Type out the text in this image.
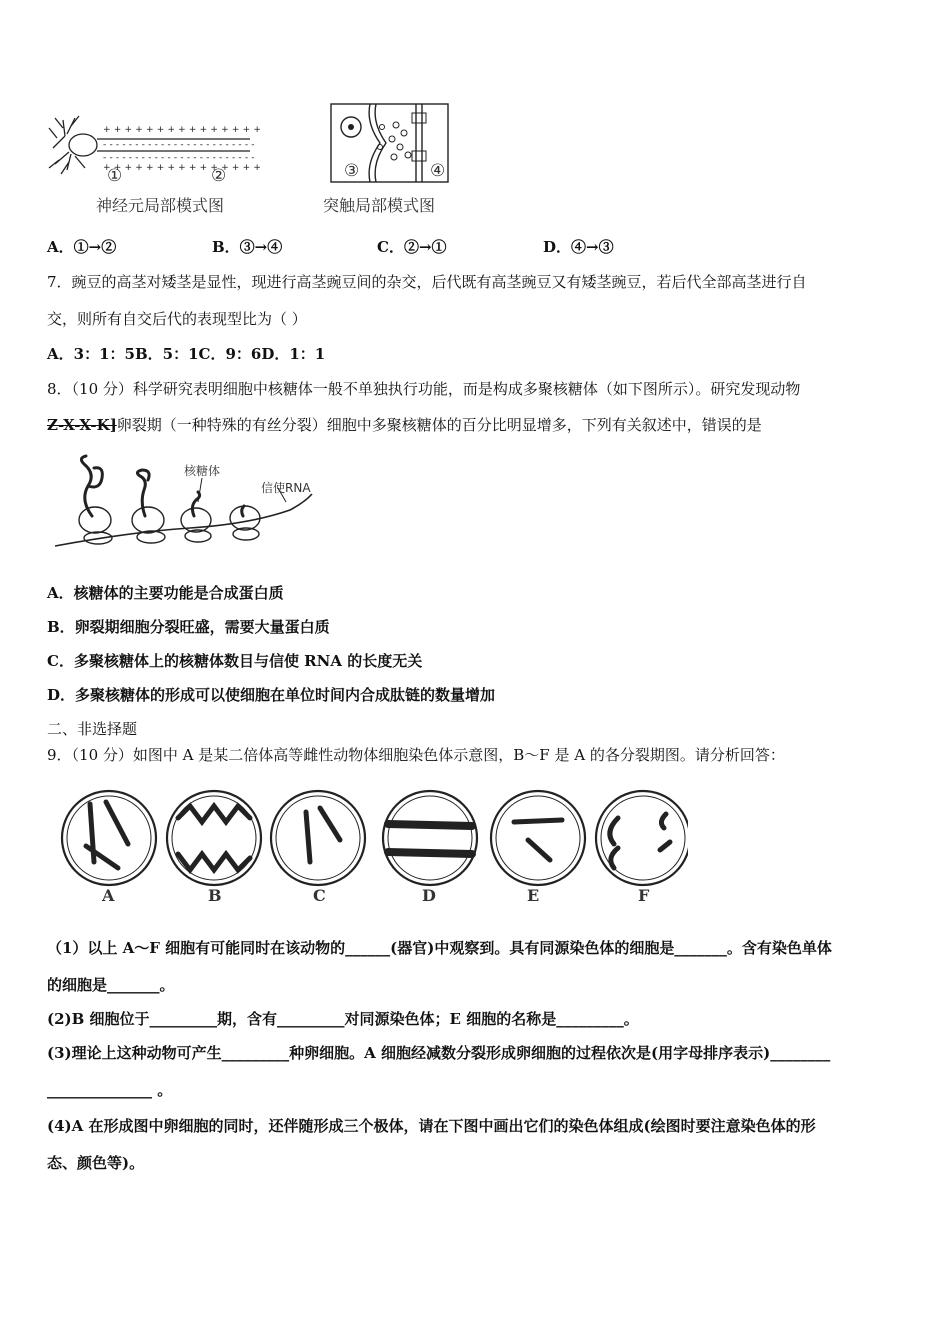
+++++++++++++++
------------------------
------------------------
+++++++++++++++
①	②
神经元局部模式图
③	④
突触局部模式图
A．①→②	B．③→④	C．②→①	D．④→③
7．豌豆的高茎对矮茎是显性，现进行高茎豌豆间的杂交，后代既有高茎豌豆又有矮茎豌豆，若后代全部高茎进行自
交，则所有自交后代的表现型比为（ ）
A．3：1：5B．5：1C．9：6D．1：1
8．（10 分）科学研究表明细胞中核糖体一般不单独执行功能，而是构成多聚核糖体（如下图所示）。研究发现动物
Z-X-X-K]卵裂期（一种特殊的有丝分裂）细胞中多聚核糖体的百分比明显增多，下列有关叙述中，错误的是
核糖体
信使RNA
A．核糖体的主要功能是合成蛋白质
B．卵裂期细胞分裂旺盛，需要大量蛋白质
C．多聚核糖体上的核糖体数目与信使 RNA 的长度无关
D．多聚核糖体的形成可以使细胞在单位时间内合成肽链的数量增加
二、非选择题
9．（10 分）如图中 A 是某二倍体高等雌性动物体细胞染色体示意图，B～F 是 A 的各分裂期图。请分析回答：
A	B	C	D	E	F
（1）以上 A～F 细胞有可能同时在该动物的______(器官)中观察到。具有同源染色体的细胞是_______。含有染色单体
的细胞是_______。
(2)B 细胞位于_________期，含有_________对同源染色体；E 细胞的名称是_________。
(3)理论上这种动物可产生_________种卵细胞。A 细胞经减数分裂形成卵细胞的过程依次是(用字母排序表示)________
______________ 。
(4)A 在形成图中卵细胞的同时，还伴随形成三个极体，请在下图中画出它们的染色体组成(绘图时要注意染色体的形
态、颜色等)。
